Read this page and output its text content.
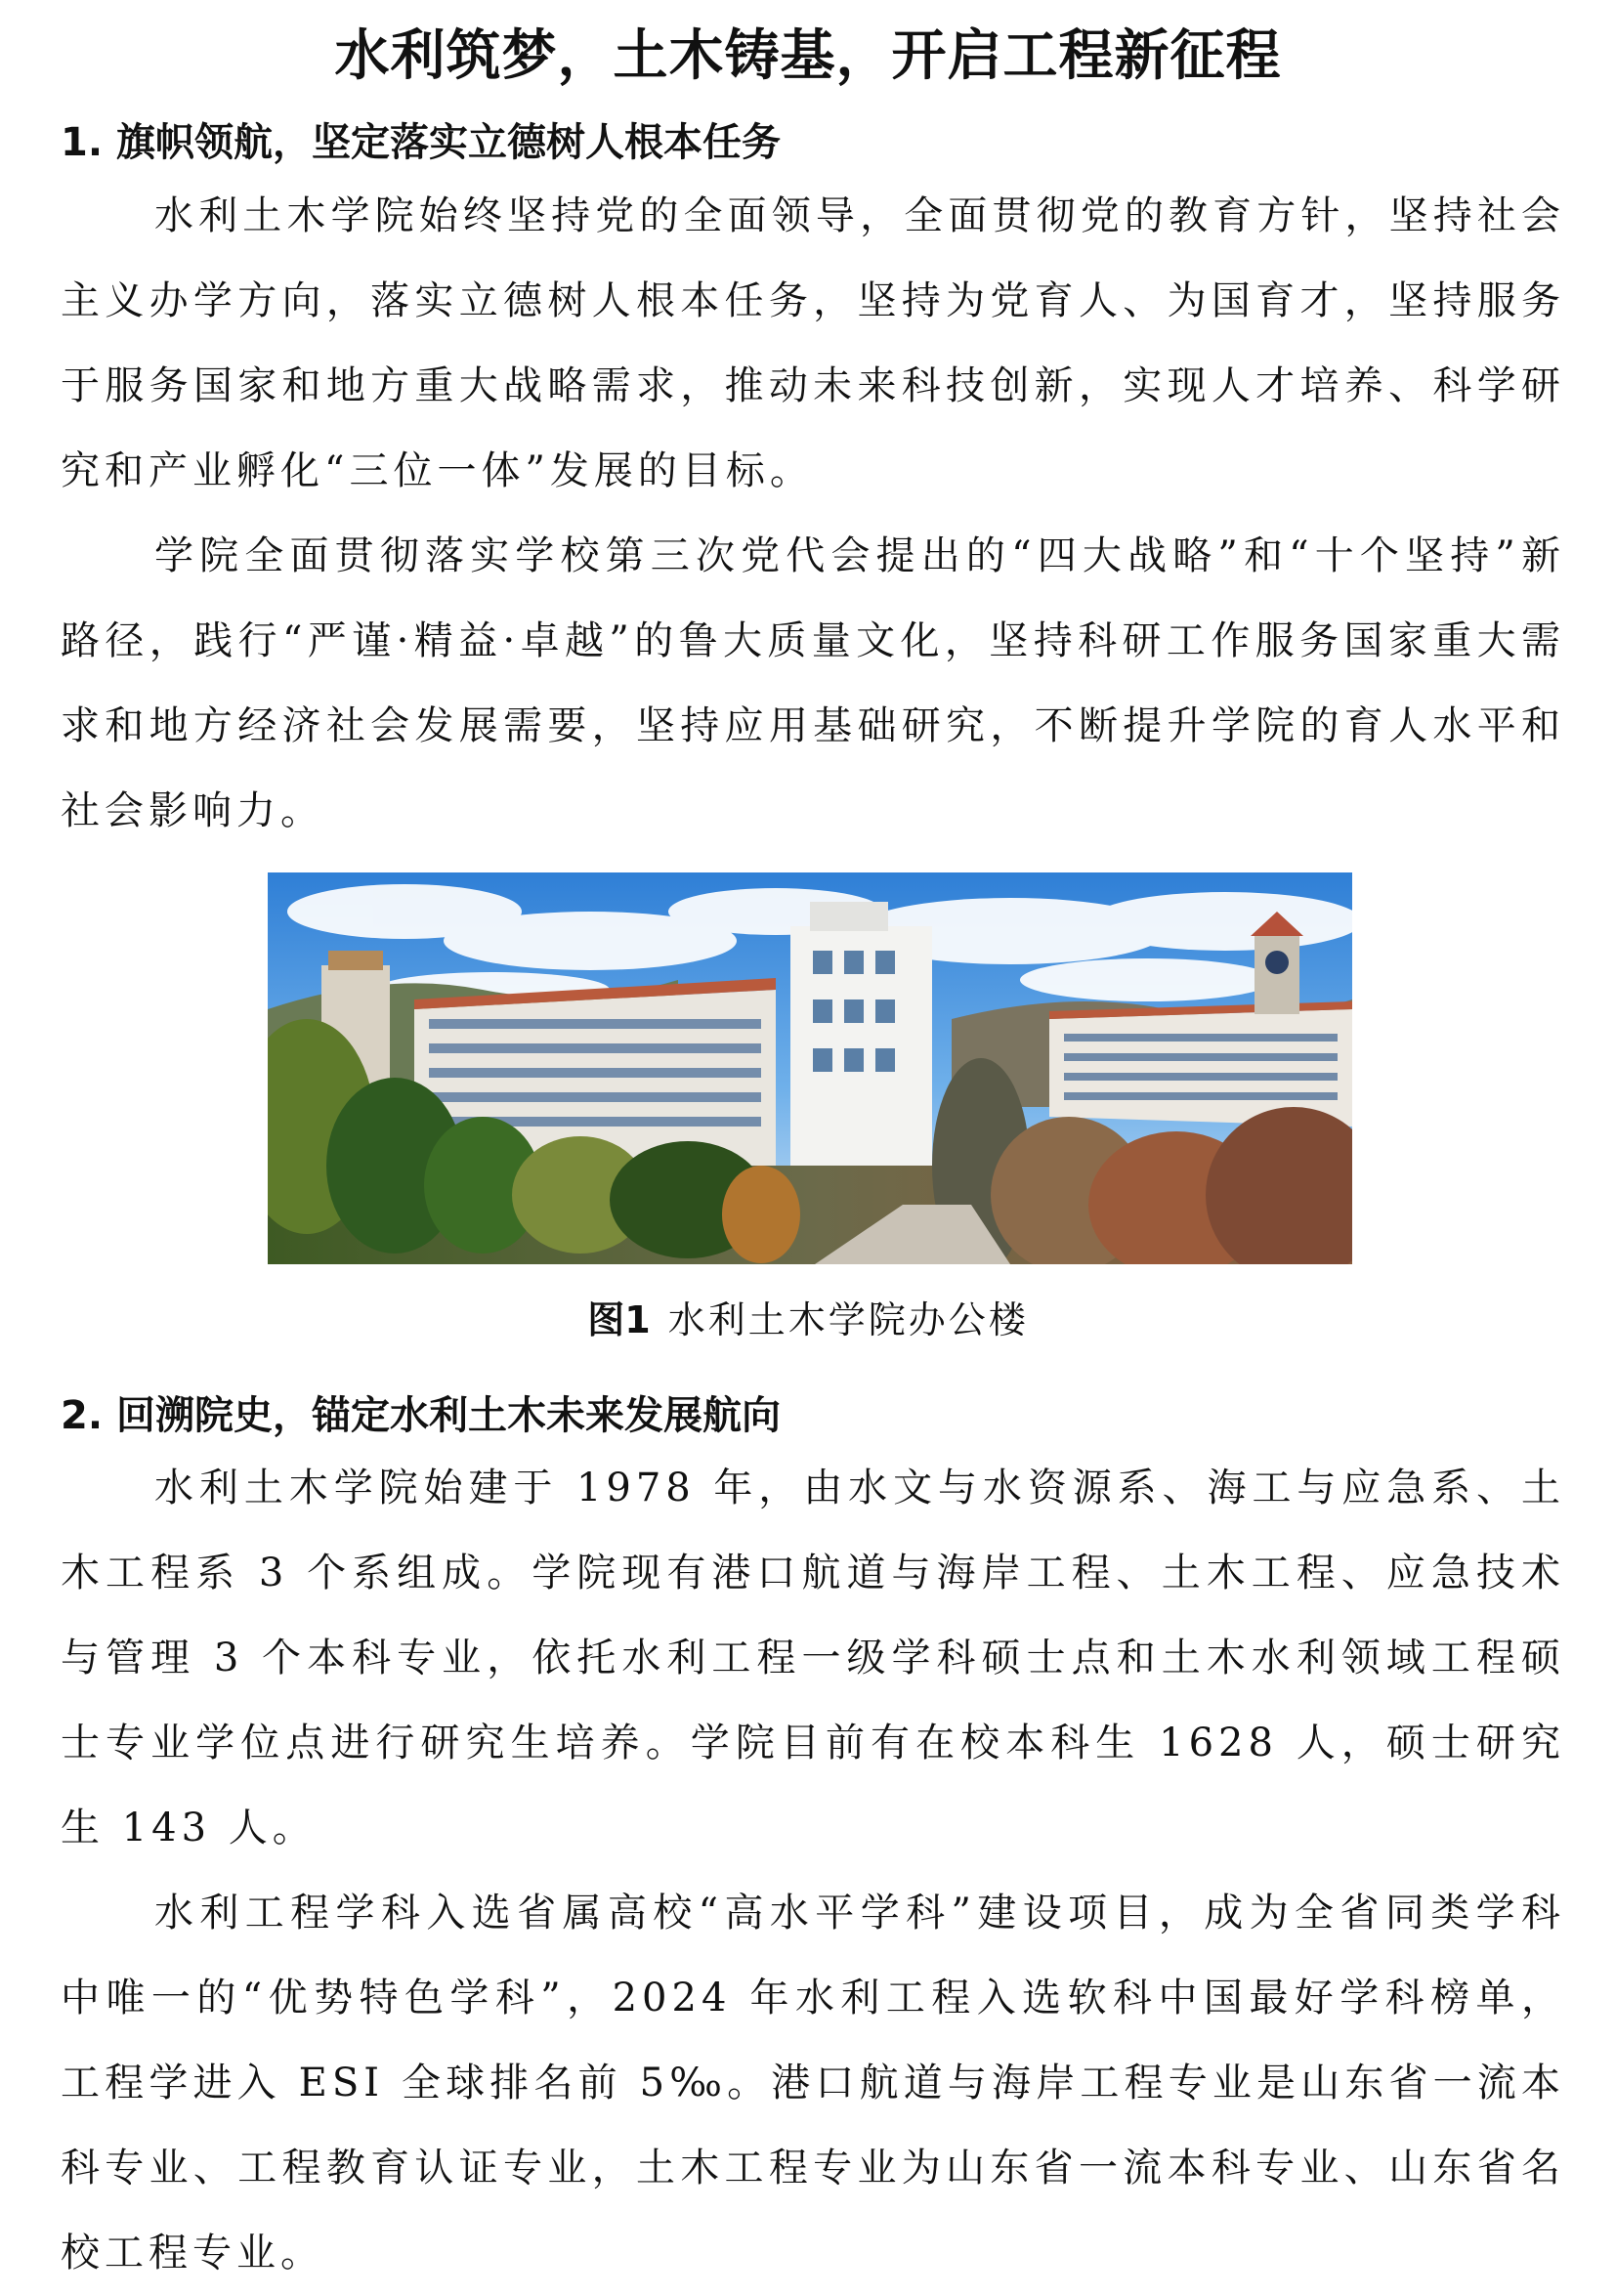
水利筑梦，土木铸基，开启工程新征程
1. 旗帜领航，坚定落实立德树人根本任务

水利土木学院始终坚持党的全面领导，全面贯彻党的教育方针，坚持社会主义办学方向，落实立德树人根本任务，坚持为党育人、为国育才，坚持服务于服务国家和地方重大战略需求，推动未来科技创新，实现人才培养、科学研究和产业孵化“三位一体”发展的目标。

学院全面贯彻落实学校第三次党代会提出的“四大战略”和“十个坚持”新路径，践行“严谨·精益·卓越”的鲁大质量文化，坚持科研工作服务国家重大需求和地方经济社会发展需要，坚持应用基础研究，不断提升学院的育人水平和社会影响力。

图1 水利土木学院办公楼

2. 回溯院史，锚定水利土木未来发展航向

水利土木学院始建于 1978 年，由水文与水资源系、海工与应急系、土木工程系 3 个系组成。学院现有港口航道与海岸工程、土木工程、应急技术与管理 3 个本科专业，依托水利工程一级学科硕士点和土木水利领域工程硕士专业学位点进行研究生培养。学院目前有在校本科生 1628 人，硕士研究生 143 人。

水利工程学科入选省属高校“高水平学科”建设项目，成为全省同类学科中唯一的“优势特色学科”，2024 年水利工程入选软科中国最好学科榜单，工程学进入 ESI 全球排名前 5‰。港口航道与海岸工程专业是山东省一流本科专业、工程教育认证专业，土木工程专业为山东省一流本科专业、山东省名校工程专业。
